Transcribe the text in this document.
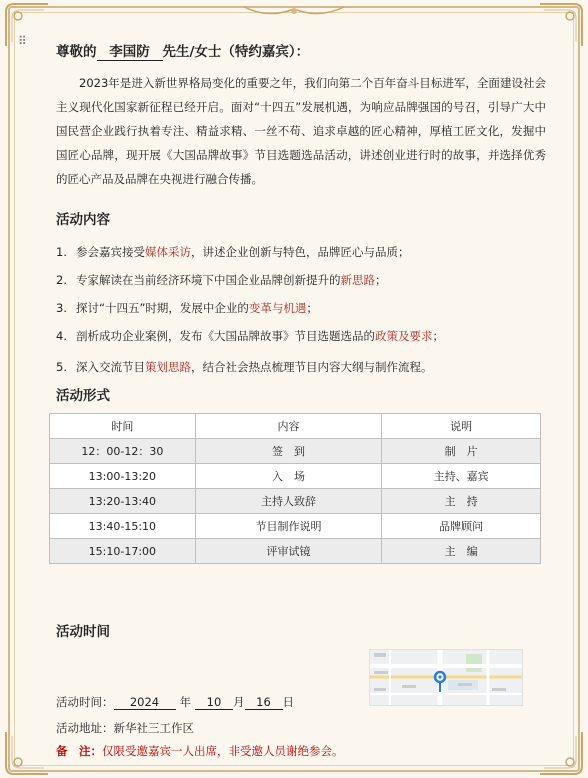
⠿

尊敬的 李国防 先生/女士（特约嘉宾）：

2023年是进入新世界格局变化的重要之年，我们向第二个百年奋斗目标进军，全面建设社会主义现代化国家新征程已经开启。面对“十四五”发展机遇，为响应品牌强国的号召，引导广大中国民营企业践行执着专注、精益求精、一丝不苟、追求卓越的匠心精神，厚植工匠文化，发掘中国匠心品牌，现开展《大国品牌故事》节目选题选品活动，讲述创业进行时的故事，并选择优秀的匠心产品及品牌在央视进行融合传播。

活动内容
1. 参会嘉宾接受媒体采访，讲述企业创新与特色，品牌匠心与品质；
2. 专家解读在当前经济环境下中国企业品牌创新提升的新思路；
3. 探讨“十四五”时期，发展中企业的变革与机遇；
4. 剖析成功企业案例，发布《大国品牌故事》节目选题选品的政策及要求；
5. 深入交流节目策划思路，结合社会热点梳理节目内容大纲与制作流程。
活动形式
时间	内容	说明
12：00-12：30	签　到	制　片
13:00-13:20	入　场	主持、嘉宾
13:20-13:40	主持人致辞	主　持
13:40-15:10	节目制作说明	品牌顾问
15:10-17:00	评审试镜	主　编
活动时间
活动时间： 2024 年 10 月 16 日
活动地址：新华社三工作区
备　注：仅限受邀嘉宾一人出席，非受邀人员谢绝参会。
